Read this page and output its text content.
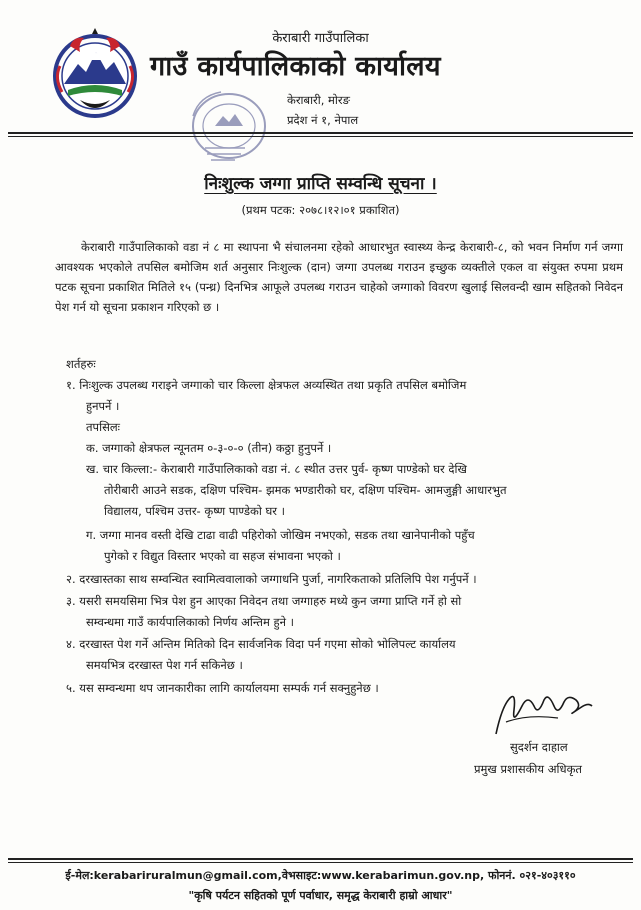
केराबारी गाउँपालिका
गाउँ कार्यपालिकाको कार्यालय
केराबारी, मोरङ
प्रदेश नं १, नेपाल
निःशुल्क जग्गा प्राप्ति सम्वन्धि सूचना ।
(प्रथम पटक: २०७८।१२।०१ प्रकाशित)
केराबारी गाउँपालिकाको वडा नं ८ मा स्थापना भै संचालनमा रहेको आधारभुत स्वास्थ्य केन्द्र केराबारी-८, को भवन निर्माण गर्न जग्गा आवश्यक भएकोले तपसिल बमोजिम शर्त अनुसार निःशुल्क (दान) जग्गा उपलब्ध गराउन इच्छुक व्यक्तीले एकल वा संयुक्त रुपमा प्रथम पटक सूचना प्रकाशित मितिले १५ (पन्ध्र) दिनभित्र आफूले उपलब्ध गराउन चाहेको जग्गाको विवरण खुलाई सिलवन्दी खाम सहितको निवेदन पेश गर्न यो सूचना प्रकाशन गरिएको छ ।
शर्तहरुः
१. निःशुल्क उपलब्ध गराइने जग्गाको चार किल्ला क्षेत्रफल अव्यस्थित तथा प्रकृति तपसिल बमोजिम
हुनपर्ने ।
तपसिलः
क. जग्गाको क्षेत्रफल न्यूनतम ०-३-०-० (तीन) कठ्ठा हुनुपर्ने ।
ख. चार किल्ला:- केराबारी गाउँपालिकाको वडा नं. ८ स्थीत उत्तर पुर्व- कृष्ण पाण्डेको घर देखि
तोरीबारी आउने सडक, दक्षिण पश्चिम- झमक भण्डारीको घर, दक्षिण पश्चिम- आमजुङ्गी आधारभुत
विद्यालय, पश्चिम उत्तर- कृष्ण पाण्डेको घर ।
ग. जग्गा मानव वस्ती देखि टाढा वाढी पहिरोको जोखिम नभएको, सडक तथा खानेपानीको पहुँच
पुगेको र विद्युत विस्तार भएको वा सहज संभावना भएको ।
२. दरखास्तका साथ सम्वन्धित स्वामित्ववालाको जग्गाधनि पुर्जा, नागरिकताको प्रतिलिपि पेश गर्नुपर्ने ।
३. यसरी समयसिमा भित्र पेश हुन आएका निवेदन तथा जग्गाहरु मध्ये कुन जग्गा प्राप्ति गर्ने हो सो
सम्वन्धमा गाउँ कार्यपालिकाको निर्णय अन्तिम हुने ।
४. दरखास्त पेश गर्ने अन्तिम मितिको दिन सार्वजनिक विदा पर्न गएमा सोको भोलिपल्ट कार्यालय
समयभित्र दरखास्त पेश गर्न सकिनेछ ।
५. यस सम्वन्धमा थप जानकारीका लागि कार्यालयमा सम्पर्क गर्न सक्नुहुनेछ ।
सुदर्शन दाहाल
प्रमुख प्रशासकीय अधिकृत
ई-मेल:kerabariruralmun@gmail.com,वेभसाइट:www.kerabarimun.gov.np, फोननं. ०२१-४०३११०
"कृषि पर्यटन सहितको पूर्ण पर्वाधार, समृद्ध केराबारी हाम्रो आधार"
